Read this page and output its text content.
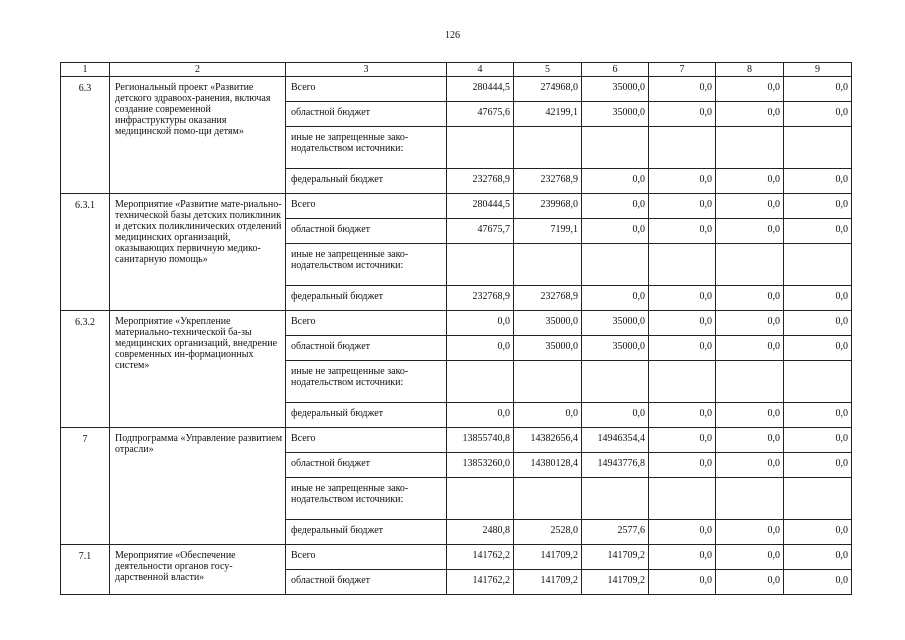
126
1	2	3	4	5	6	7	8	9
6.3	Региональный проект «Развитие детского здравоох-ранения, включая создание современной инфраструктуры оказания медицинской помо-щи детям»	Всего	280444,5	274968,0	35000,0	0,0	0,0	0,0
		областной бюджет	47675,6	42199,1	35000,0	0,0	0,0	0,0
		иные не запрещенные зако-нодательством источники:						
		федеральный бюджет	232768,9	232768,9	0,0	0,0	0,0	0,0
6.3.1	Мероприятие «Развитие мате-риально-технической базы детских поликлиник и детских поликлинических отделений медицинских организаций, оказывающих первичную медико-санитарную помощь»	Всего	280444,5	239968,0	0,0	0,0	0,0	0,0
		областной бюджет	47675,7	7199,1	0,0	0,0	0,0	0,0
		иные не запрещенные зако-нодательством источники:						
		федеральный бюджет	232768,9	232768,9	0,0	0,0	0,0	0,0
6.3.2	Мероприятие «Укрепление материально-технической ба-зы медицинских организаций, внедрение современных ин-формационных систем»	Всего	0,0	35000,0	35000,0	0,0	0,0	0,0
		областной бюджет	0,0	35000,0	35000,0	0,0	0,0	0,0
		иные не запрещенные зако-нодательством источники:						
		федеральный бюджет	0,0	0,0	0,0	0,0	0,0	0,0
7	Подпрограмма «Управление развитием отрасли»	Всего	13855740,8	14382656,4	14946354,4	0,0	0,0	0,0
		областной бюджет	13853260,0	14380128,4	14943776,8	0,0	0,0	0,0
		иные не запрещенные зако-нодательством источники:						
		федеральный бюджет	2480,8	2528,0	2577,6	0,0	0,0	0,0
7.1	Мероприятие «Обеспечение деятельности органов госу-дарственной власти»	Всего	141762,2	141709,2	141709,2	0,0	0,0	0,0
		областной бюджет	141762,2	141709,2	141709,2	0,0	0,0	0,0
